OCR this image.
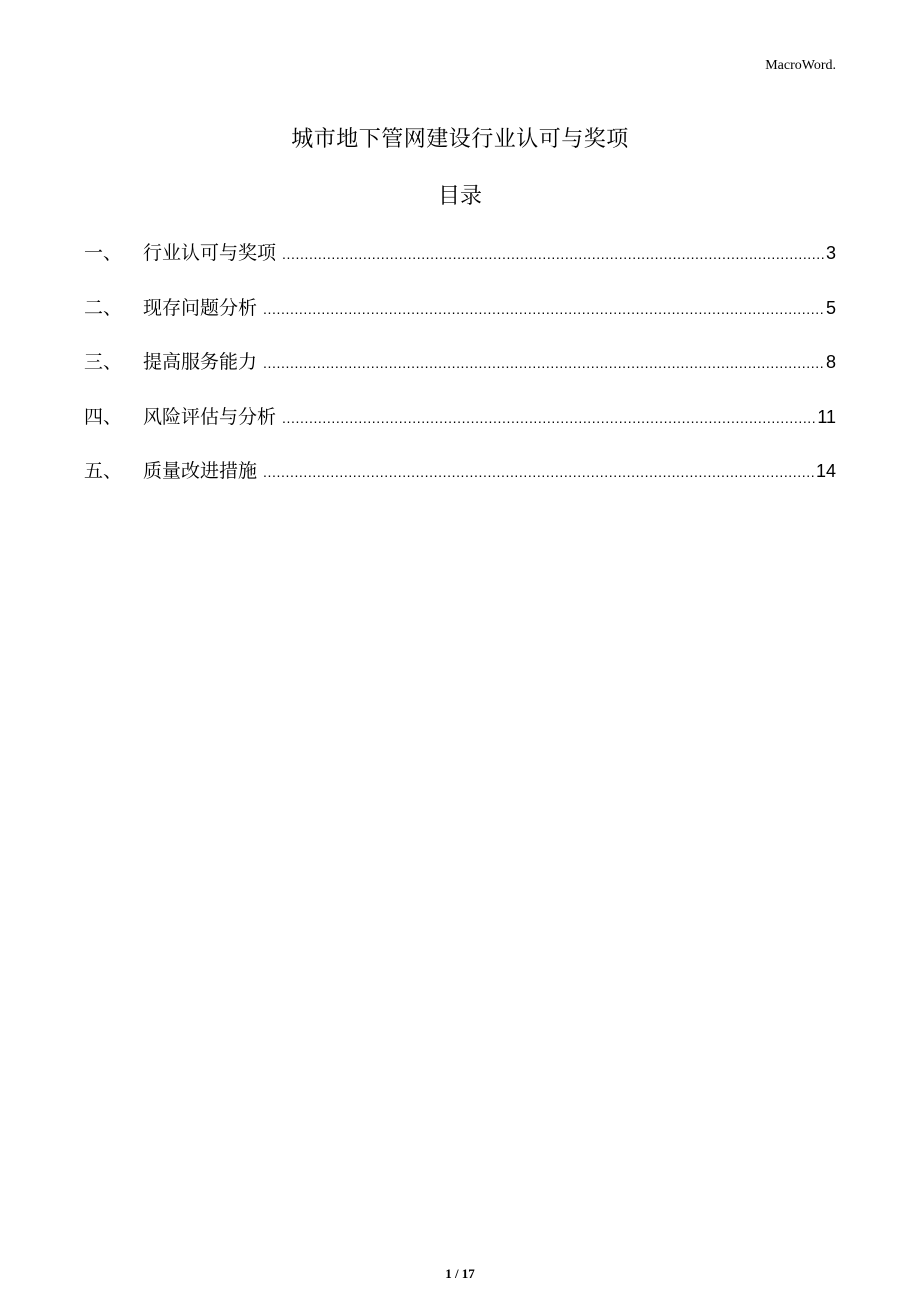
MacroWord.
城市地下管网建设行业认可与奖项
目录
一、	行业认可与奖项 .....	3
二、	现存问题分析 .....	5
三、	提高服务能力 .....	8
四、	风险评估与分析 .....	11
五、	质量改进措施 .....	14
1 / 17
